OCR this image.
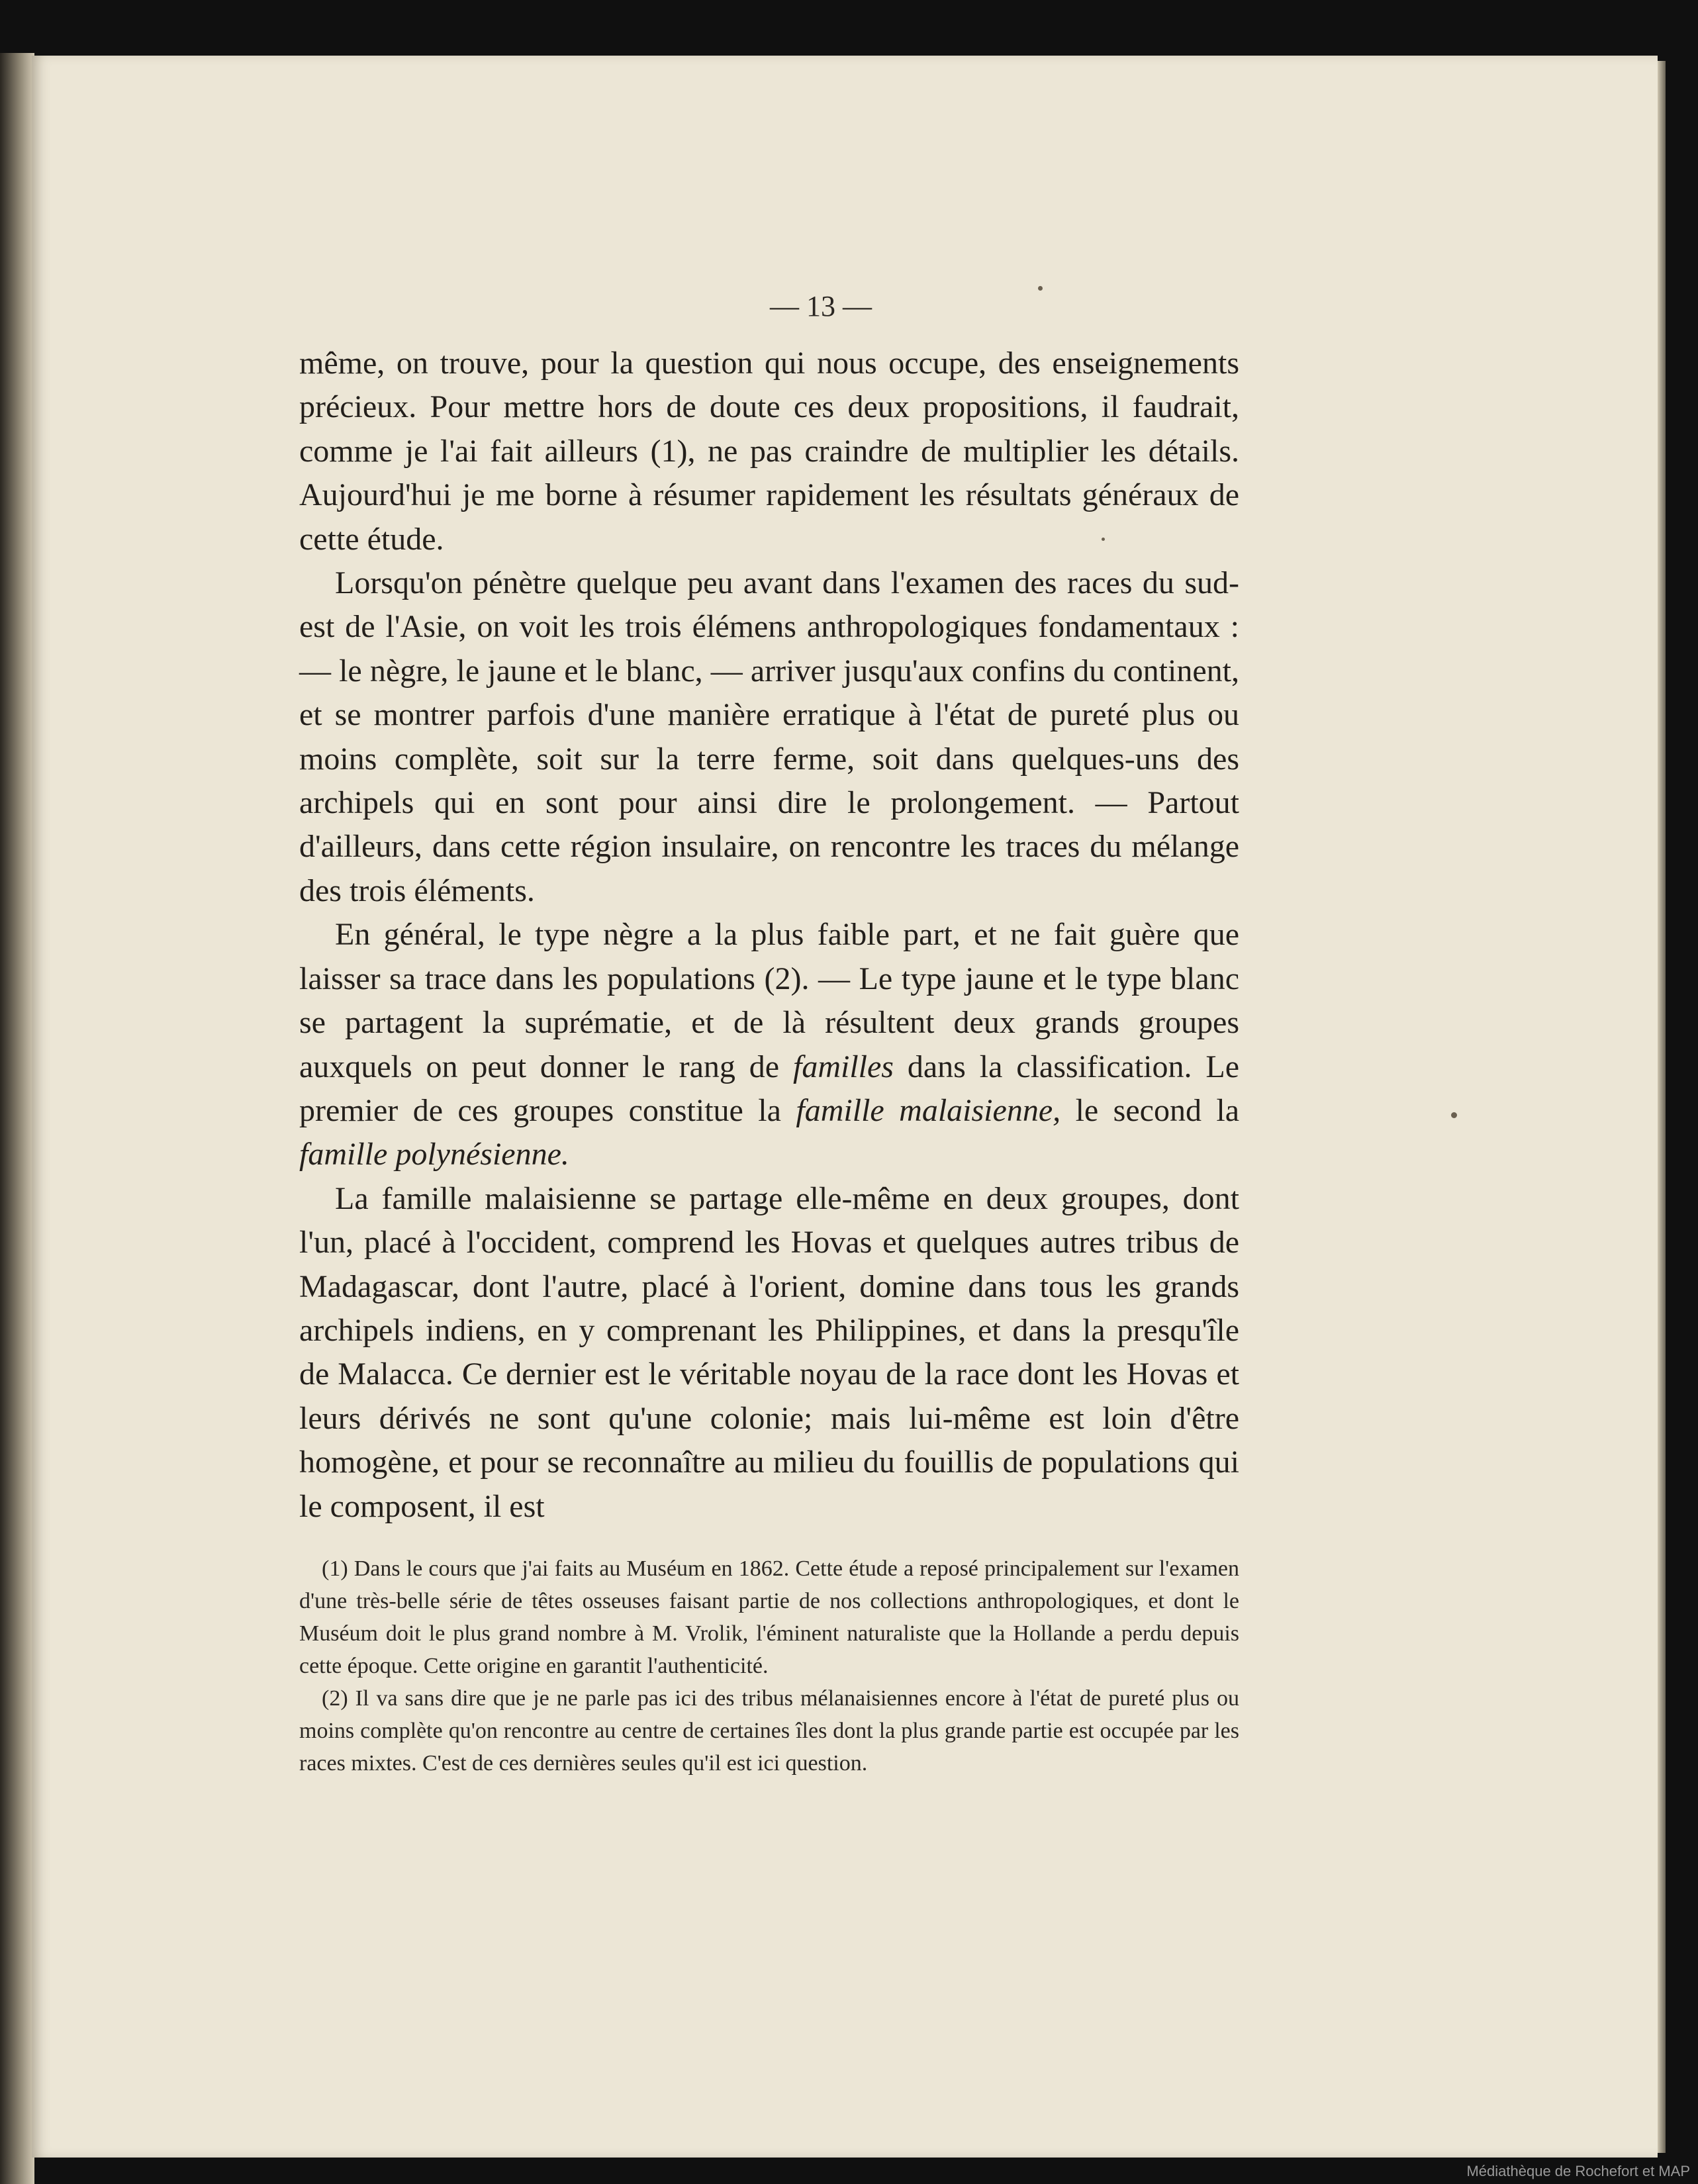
— 13 —

même, on trouve, pour la question qui nous occupe, des enseignements précieux. Pour mettre hors de doute ces deux propositions, il faudrait, comme je l'ai fait ailleurs (1), ne pas craindre de multiplier les détails. Aujourd'hui je me borne à résumer rapidement les résultats généraux de cette étude.

Lorsqu'on pénètre quelque peu avant dans l'examen des races du sud-est de l'Asie, on voit les trois élémens anthropologiques fondamentaux : — le nègre, le jaune et le blanc, — arriver jusqu'aux confins du continent, et se montrer parfois d'une manière erratique à l'état de pureté plus ou moins complète, soit sur la terre ferme, soit dans quelques-uns des archipels qui en sont pour ainsi dire le prolongement. — Partout d'ailleurs, dans cette région insulaire, on rencontre les traces du mélange des trois éléments.

En général, le type nègre a la plus faible part, et ne fait guère que laisser sa trace dans les populations (2). — Le type jaune et le type blanc se partagent la suprématie, et de là résultent deux grands groupes auxquels on peut donner le rang de familles dans la classification. Le premier de ces groupes constitue la famille malaisienne, le second la famille polynésienne.

La famille malaisienne se partage elle-même en deux groupes, dont l'un, placé à l'occident, comprend les Hovas et quelques autres tribus de Madagascar, dont l'autre, placé à l'orient, domine dans tous les grands archipels indiens, en y comprenant les Philippines, et dans la presqu'île de Malacca. Ce dernier est le véritable noyau de la race dont les Hovas et leurs dérivés ne sont qu'une colonie; mais lui-même est loin d'être homogène, et pour se reconnaître au milieu du fouillis de populations qui le composent, il est

(1) Dans le cours que j'ai faits au Muséum en 1862. Cette étude a reposé principalement sur l'examen d'une très-belle série de têtes osseuses faisant partie de nos collections anthropologiques, et dont le Muséum doit le plus grand nombre à M. Vrolik, l'éminent naturaliste que la Hollande a perdu depuis cette époque. Cette origine en garantit l'authenticité.

(2) Il va sans dire que je ne parle pas ici des tribus mélanaisiennes encore à l'état de pureté plus ou moins complète qu'on rencontre au centre de certaines îles dont la plus grande partie est occupée par les races mixtes. C'est de ces dernières seules qu'il est ici question.

Médiathèque de Rochefort et MAP
